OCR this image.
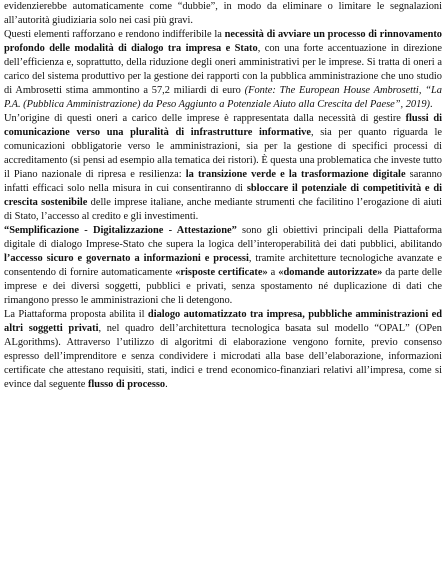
evidenzierebbe automaticamente come “dubbie”, in modo da eliminare o limitare le segnalazioni all’autorità giudiziaria solo nei casi più gravi.

Questi elementi rafforzano e rendono indifferibile la necessità di avviare un processo di rinnovamento profondo delle modalità di dialogo tra impresa e Stato, con una forte accentuazione in direzione dell’efficienza e, soprattutto, della riduzione degli oneri amministrativi per le imprese. Si tratta di oneri a carico del sistema produttivo per la gestione dei rapporti con la pubblica amministrazione che uno studio di Ambrosetti stima ammontino a 57,2 miliardi di euro (Fonte: The European House Ambrosetti, “La P.A. (Pubblica Amministrazione) da Peso Aggiunto a Potenziale Aiuto alla Crescita del Paese”, 2019).

Un’origine di questi oneri a carico delle imprese è rappresentata dalla necessità di gestire flussi di comunicazione verso una pluralità di infrastrutture informative, sia per quanto riguarda le comunicazioni obbligatorie verso le amministrazioni, sia per la gestione di specifici processi di accreditamento (si pensi ad esempio alla tematica dei ristori). È questa una problematica che investe tutto il Piano nazionale di ripresa e resilienza: la transizione verde e la trasformazione digitale saranno infatti efficaci solo nella misura in cui consentiranno di sbloccare il potenziale di competitività e di crescita sostenibile delle imprese italiane, anche mediante strumenti che facilitino l’erogazione di aiuti di Stato, l’accesso al credito e gli investimenti.

“Semplificazione - Digitalizzazione - Attestazione” sono gli obiettivi principali della Piattaforma digitale di dialogo Imprese-Stato che supera la logica dell’interoperabilità dei dati pubblici, abilitando l’accesso sicuro e governato a informazioni e processi, tramite architetture tecnologiche avanzate e consentendo di fornire automaticamente «risposte certificate» a «domande autorizzate» da parte delle imprese e dei diversi soggetti, pubblici e privati, senza spostamento né duplicazione di dati che rimangono presso le amministrazioni che li detengono.

La Piattaforma proposta abilita il dialogo automatizzato tra impresa, pubbliche amministrazioni ed altri soggetti privati, nel quadro dell’architettura tecnologica basata sul modello “OPAL” (OPen ALgorithms). Attraverso l’utilizzo di algoritmi di elaborazione vengono fornite, previo consenso espresso dell’imprenditore e senza condividere i microdati alla base dell’elaborazione, informazioni certificate che attestano requisiti, stati, indici e trend economico-finanziari relativi all’impresa, come si evince dal seguente flusso di processo.
